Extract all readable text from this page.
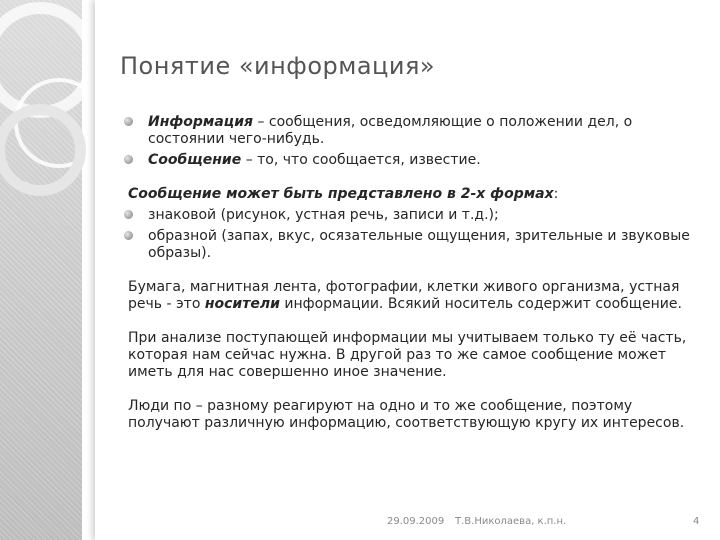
Понятие «информация»
Информация – сообщения, осведомляющие о положении дел, о состоянии чего-нибудь.
Сообщение – то, что сообщается, известие.
Сообщение может быть представлено в 2-х формах:
знаковой (рисунок, устная речь, записи и т.д.);
образной (запах, вкус, осязательные ощущения, зрительные и звуковые образы).
Бумага, магнитная лента, фотографии, клетки живого организма, устная речь - это носители информации. Всякий носитель содержит сообщение.
При анализе поступающей информации мы учитываем только ту её часть, которая нам сейчас нужна. В другой раз то же самое сообщение может иметь для нас совершенно иное значение.
Люди по – разному реагируют на одно и то же сообщение, поэтому получают различную информацию, соответствующую кругу их интересов.
29.09.2009 Т.В.Николаева, к.п.н.	4
